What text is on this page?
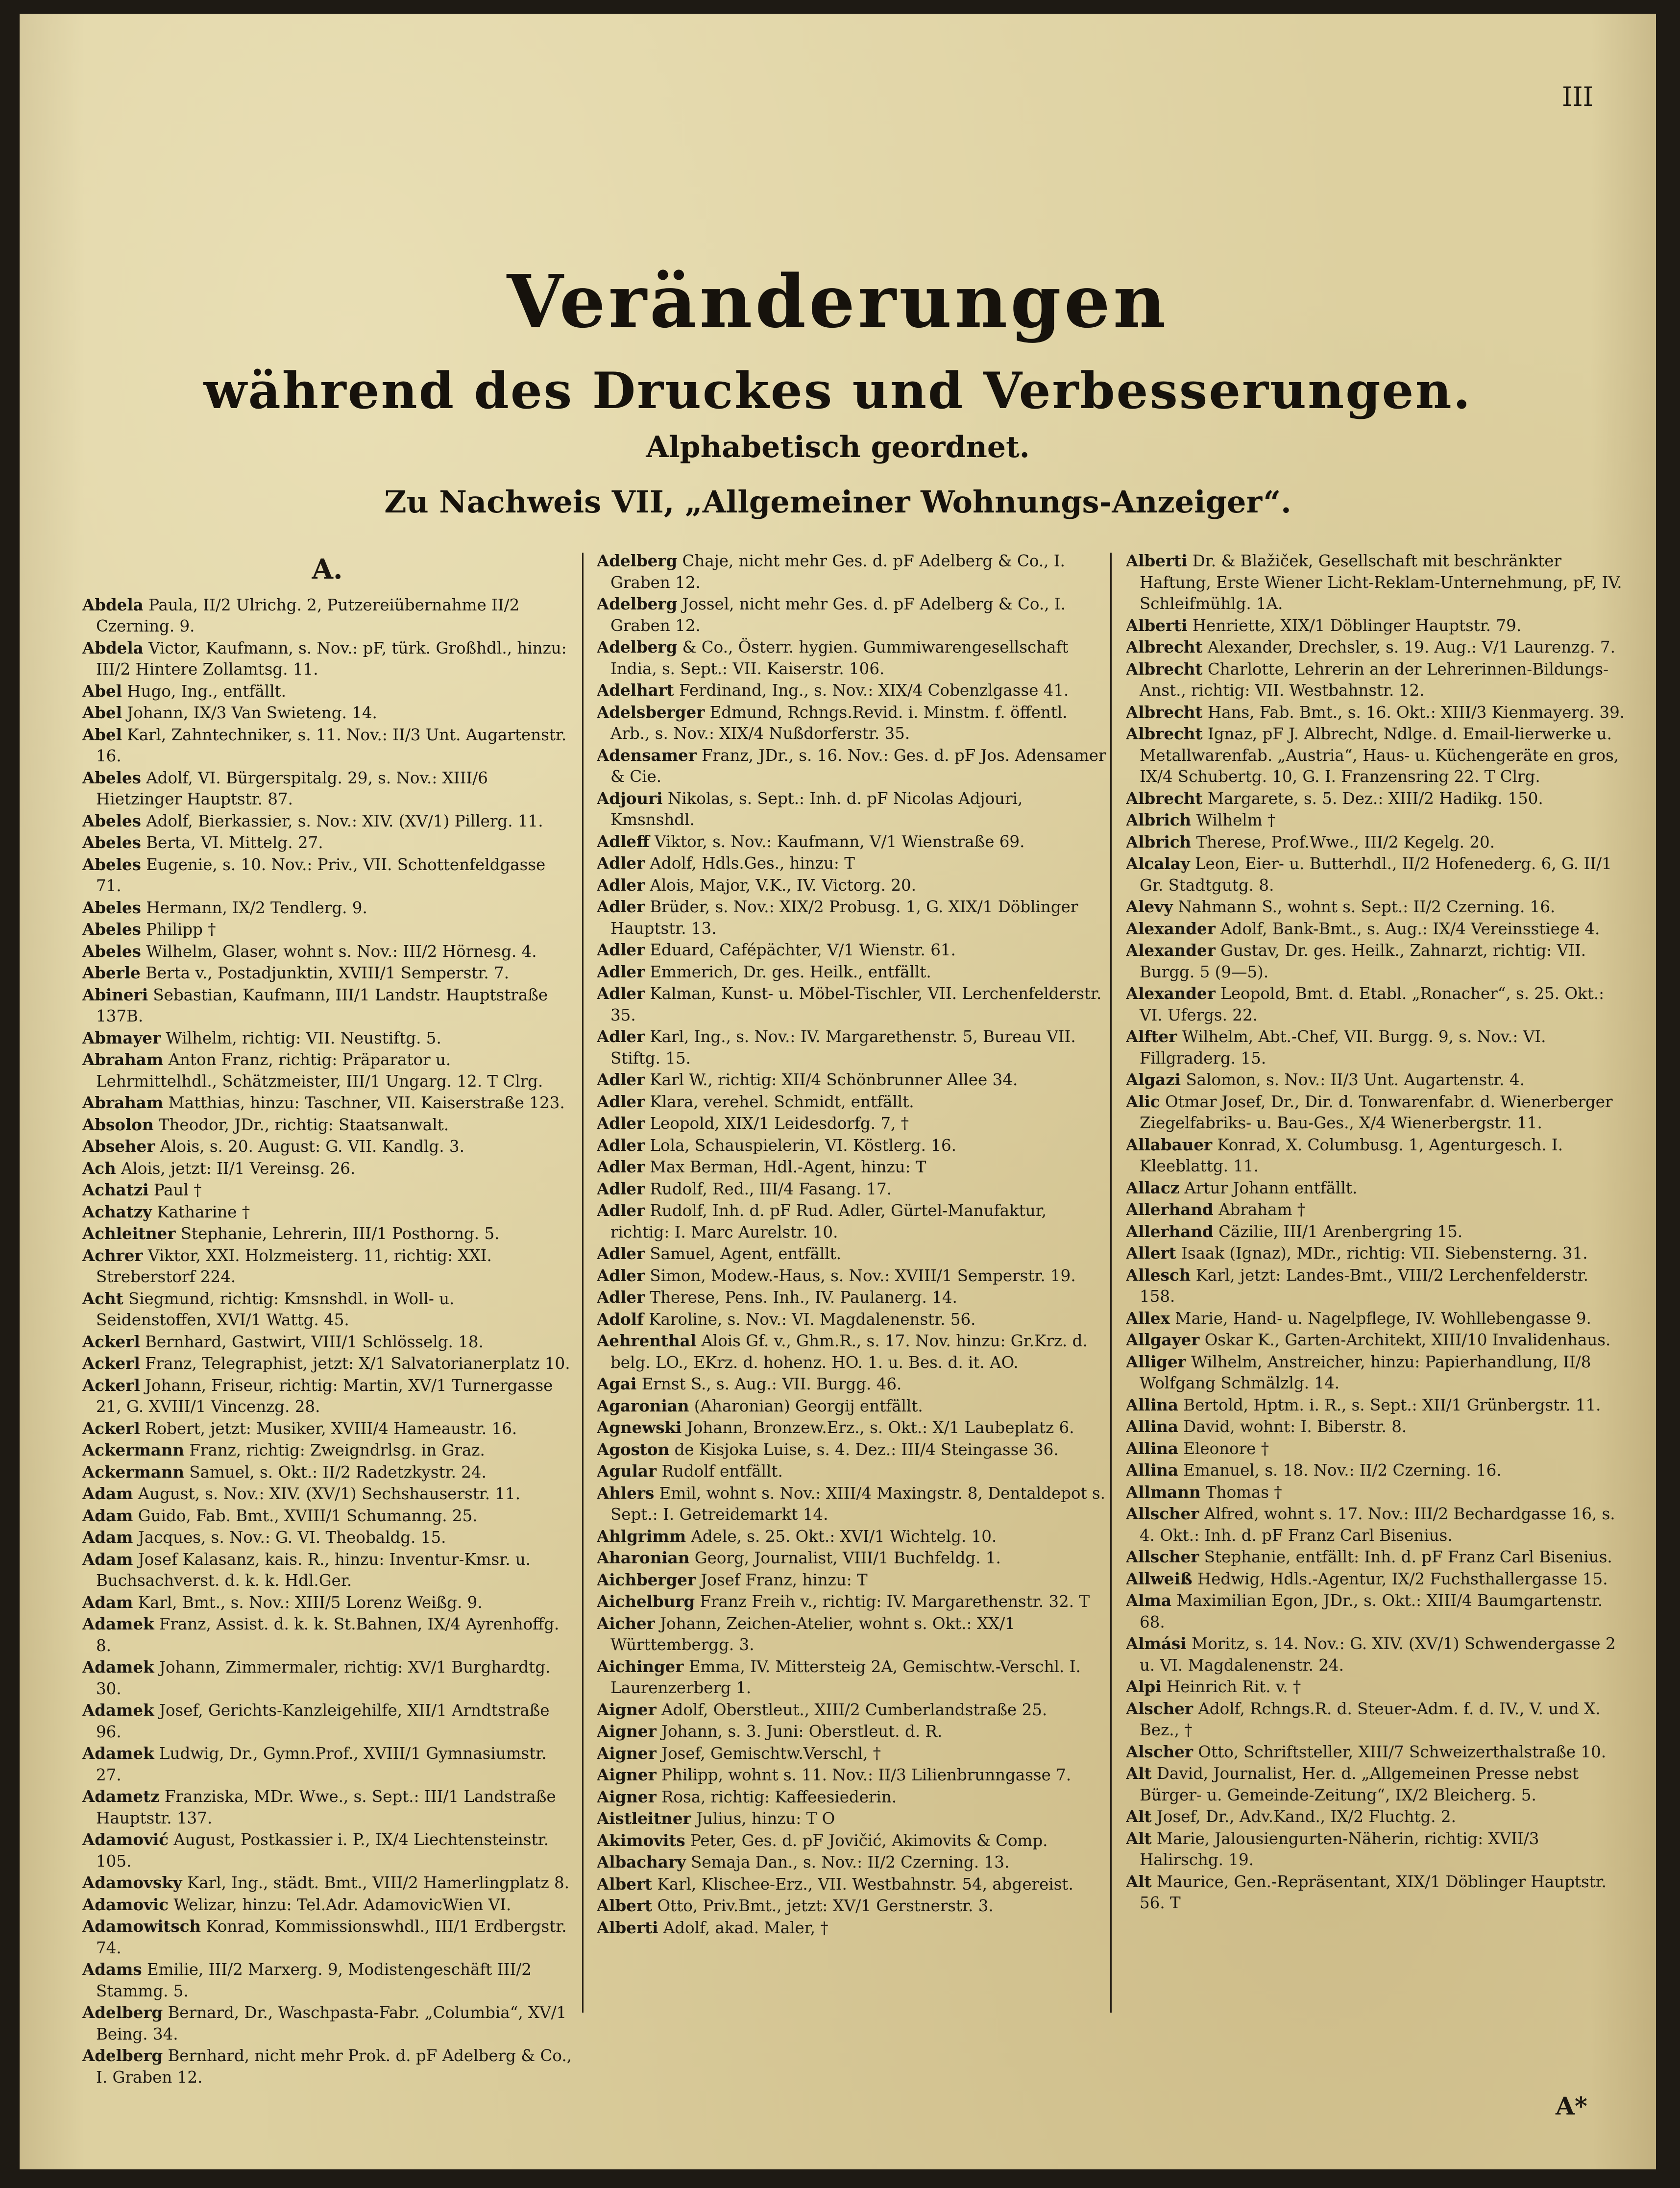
III
Veränderungen
während des Druckes und Verbesserungen.
Alphabetisch geordnet.
Zu Nachweis VII, „Allgemeiner Wohnungs-Anzeiger“.
A.

Abdela Paula, II/2 Ulrichg. 2, Putzereiübernahme II/2 Czerning. 9.

Abdela Victor, Kaufmann, s. Nov.: pF, türk. Großhdl., hinzu: III/2 Hintere Zollamtsg. 11.

Abel Hugo, Ing., entfällt.

Abel Johann, IX/3 Van Swieteng. 14.

Abel Karl, Zahntechniker, s. 11. Nov.: II/3 Unt. Augartenstr. 16.

Abeles Adolf, VI. Bürgerspitalg. 29, s. Nov.: XIII/6 Hietzinger Hauptstr. 87.

Abeles Adolf, Bierkassier, s. Nov.: XIV. (XV/1) Pillerg. 11.

Abeles Berta, VI. Mittelg. 27.

Abeles Eugenie, s. 10. Nov.: Priv., VII. Schottenfeldgasse 71.

Abeles Hermann, IX/2 Tendlerg. 9.

Abeles Philipp †

Abeles Wilhelm, Glaser, wohnt s. Nov.: III/2 Hörnesg. 4.

Aberle Berta v., Postadjunktin, XVIII/1 Semperstr. 7.

Abineri Sebastian, Kaufmann, III/1 Landstr. Hauptstraße 137B.

Abmayer Wilhelm, richtig: VII. Neustiftg. 5.

Abraham Anton Franz, richtig: Präparator u. Lehrmittelhdl., Schätzmeister, III/1 Ungarg. 12. T Clrg.

Abraham Matthias, hinzu: Taschner, VII. Kaiserstraße 123.

Absolon Theodor, JDr., richtig: Staatsanwalt.

Abseher Alois, s. 20. August: G. VII. Kandlg. 3.

Ach Alois, jetzt: II/1 Vereinsg. 26.

Achatzi Paul †

Achatzy Katharine †

Achleitner Stephanie, Lehrerin, III/1 Posthorng. 5.

Achrer Viktor, XXI. Holzmeisterg. 11, richtig: XXI. Streberstorf 224.

Acht Siegmund, richtig: Kmsnshdl. in Woll- u. Seidenstoffen, XVI/1 Wattg. 45.

Ackerl Bernhard, Gastwirt, VIII/1 Schlösselg. 18.

Ackerl Franz, Telegraphist, jetzt: X/1 Salvatorianerplatz 10.

Ackerl Johann, Friseur, richtig: Martin, XV/1 Turnergasse 21, G. XVIII/1 Vincenzg. 28.

Ackerl Robert, jetzt: Musiker, XVIII/4 Hameaustr. 16.

Ackermann Franz, richtig: Zweigndrlsg. in Graz.

Ackermann Samuel, s. Okt.: II/2 Radetzkystr. 24.

Adam August, s. Nov.: XIV. (XV/1) Sechshauserstr. 11.

Adam Guido, Fab. Bmt., XVIII/1 Schumanng. 25.

Adam Jacques, s. Nov.: G. VI. Theobaldg. 15.

Adam Josef Kalasanz, kais. R., hinzu: Inventur-Kmsr. u. Buchsachverst. d. k. k. Hdl.Ger.

Adam Karl, Bmt., s. Nov.: XIII/5 Lorenz Weißg. 9.

Adamek Franz, Assist. d. k. k. St.Bahnen, IX/4 Ayrenhoffg. 8.

Adamek Johann, Zimmermaler, richtig: XV/1 Burghardtg. 30.

Adamek Josef, Gerichts-Kanzleigehilfe, XII/1 Arndtstraße 96.

Adamek Ludwig, Dr., Gymn.Prof., XVIII/1 Gymnasiumstr. 27.

Adametz Franziska, MDr. Wwe., s. Sept.: III/1 Landstraße Hauptstr. 137.

Adamović August, Postkassier i. P., IX/4 Liechtensteinstr. 105.

Adamovsky Karl, Ing., städt. Bmt., VIII/2 Hamerlingplatz 8.

Adamovic Welizar, hinzu: Tel.Adr. AdamovicWien VI.

Adamowitsch Konrad, Kommissionswhdl., III/1 Erdbergstr. 74.

Adams Emilie, III/2 Marxerg. 9, Modistengeschäft III/2 Stammg. 5.

Adelberg Bernard, Dr., Waschpasta-Fabr. „Columbia“, XV/1 Being. 34.

Adelberg Bernhard, nicht mehr Prok. d. pF Adelberg & Co., I. Graben 12.

Adelberg Chaje, nicht mehr Ges. d. pF Adelberg & Co., I. Graben 12.

Adelberg Jossel, nicht mehr Ges. d. pF Adelberg & Co., I. Graben 12.

Adelberg & Co., Österr. hygien. Gummiwarengesellschaft India, s. Sept.: VII. Kaiserstr. 106.

Adelhart Ferdinand, Ing., s. Nov.: XIX/4 Cobenzlgasse 41.

Adelsberger Edmund, Rchngs.Revid. i. Minstm. f. öffentl. Arb., s. Nov.: XIX/4 Nußdorferstr. 35.

Adensamer Franz, JDr., s. 16. Nov.: Ges. d. pF Jos. Adensamer & Cie.

Adjouri Nikolas, s. Sept.: Inh. d. pF Nicolas Adjouri, Kmsnshdl.

Adleff Viktor, s. Nov.: Kaufmann, V/1 Wienstraße 69.

Adler Adolf, Hdls.Ges., hinzu: T

Adler Alois, Major, V.K., IV. Victorg. 20.

Adler Brüder, s. Nov.: XIX/2 Probusg. 1, G. XIX/1 Döblinger Hauptstr. 13.

Adler Eduard, Cafépächter, V/1 Wienstr. 61.

Adler Emmerich, Dr. ges. Heilk., entfällt.

Adler Kalman, Kunst- u. Möbel-Tischler, VII. Lerchenfelderstr. 35.

Adler Karl, Ing., s. Nov.: IV. Margarethenstr. 5, Bureau VII. Stiftg. 15.

Adler Karl W., richtig: XII/4 Schönbrunner Allee 34.

Adler Klara, verehel. Schmidt, entfällt.

Adler Leopold, XIX/1 Leidesdorfg. 7, †

Adler Lola, Schauspielerin, VI. Köstlerg. 16.

Adler Max Berman, Hdl.-Agent, hinzu: T

Adler Rudolf, Red., III/4 Fasang. 17.

Adler Rudolf, Inh. d. pF Rud. Adler, Gürtel-Manufaktur, richtig: I. Marc Aurelstr. 10.

Adler Samuel, Agent, entfällt.

Adler Simon, Modew.-Haus, s. Nov.: XVIII/1 Semperstr. 19.

Adler Therese, Pens. Inh., IV. Paulanerg. 14.

Adolf Karoline, s. Nov.: VI. Magdalenenstr. 56.

Aehrenthal Alois Gf. v., Ghm.R., s. 17. Nov. hinzu: Gr.Krz. d. belg. LO., EKrz. d. hohenz. HO. 1. u. Bes. d. it. AO.

Agai Ernst S., s. Aug.: VII. Burgg. 46.

Agaronian (Aharonian) Georgij entfällt.

Agnewski Johann, Bronzew.Erz., s. Okt.: X/1 Laubeplatz 6.

Agoston de Kisjoka Luise, s. 4. Dez.: III/4 Steingasse 36.

Agular Rudolf entfällt.

Ahlers Emil, wohnt s. Nov.: XIII/4 Maxingstr. 8, Dentaldepot s. Sept.: I. Getreidemarkt 14.

Ahlgrimm Adele, s. 25. Okt.: XVI/1 Wichtelg. 10.

Aharonian Georg, Journalist, VIII/1 Buchfeldg. 1.

Aichberger Josef Franz, hinzu: T

Aichelburg Franz Freih v., richtig: IV. Margarethenstr. 32. T

Aicher Johann, Zeichen-Atelier, wohnt s. Okt.: XX/1 Württembergg. 3.

Aichinger Emma, IV. Mittersteig 2A, Gemischtw.-Verschl. I. Laurenzerberg 1.

Aigner Adolf, Oberstleut., XIII/2 Cumberlandstraße 25.

Aigner Johann, s. 3. Juni: Oberstleut. d. R.

Aigner Josef, Gemischtw.Verschl, †

Aigner Philipp, wohnt s. 11. Nov.: II/3 Lilienbrunngasse 7.

Aigner Rosa, richtig: Kaffeesiederin.

Aistleitner Julius, hinzu: T O

Akimovits Peter, Ges. d. pF Jovičić, Akimovits & Comp.

Albachary Semaja Dan., s. Nov.: II/2 Czerning. 13.

Albert Karl, Klischee-Erz., VII. Westbahnstr. 54, abgereist.

Albert Otto, Priv.Bmt., jetzt: XV/1 Gerstnerstr. 3.

Alberti Adolf, akad. Maler, †

Alberti Dr. & Blažiček, Gesellschaft mit beschränkter Haftung, Erste Wiener Licht-Reklam-Unternehmung, pF, IV. Schleifmühlg. 1A.

Alberti Henriette, XIX/1 Döblinger Hauptstr. 79.

Albrecht Alexander, Drechsler, s. 19. Aug.: V/1 Laurenzg. 7.

Albrecht Charlotte, Lehrerin an der Lehrerinnen-Bildungs-Anst., richtig: VII. Westbahnstr. 12.

Albrecht Hans, Fab. Bmt., s. 16. Okt.: XIII/3 Kienmayerg. 39.

Albrecht Ignaz, pF J. Albrecht, Ndlge. d. Email-lierwerke u. Metallwarenfab. „Austria“, Haus- u. Küchengeräte en gros, IX/4 Schubertg. 10, G. I. Franzensring 22. T Clrg.

Albrecht Margarete, s. 5. Dez.: XIII/2 Hadikg. 150.

Albrich Wilhelm †

Albrich Therese, Prof.Wwe., III/2 Kegelg. 20.

Alcalay Leon, Eier- u. Butterhdl., II/2 Hofenederg. 6, G. II/1 Gr. Stadtgutg. 8.

Alevy Nahmann S., wohnt s. Sept.: II/2 Czerning. 16.

Alexander Adolf, Bank-Bmt., s. Aug.: IX/4 Vereinsstiege 4.

Alexander Gustav, Dr. ges. Heilk., Zahnarzt, richtig: VII. Burgg. 5 (9—5).

Alexander Leopold, Bmt. d. Etabl. „Ronacher“, s. 25. Okt.: VI. Ufergs. 22.

Alfter Wilhelm, Abt.-Chef, VII. Burgg. 9, s. Nov.: VI. Fillgraderg. 15.

Algazi Salomon, s. Nov.: II/3 Unt. Augartenstr. 4.

Alic Otmar Josef, Dr., Dir. d. Tonwarenfabr. d. Wienerberger Ziegelfabriks- u. Bau-Ges., X/4 Wienerbergstr. 11.

Allabauer Konrad, X. Columbusg. 1, Agenturgesch. I. Kleeblattg. 11.

Allacz Artur Johann entfällt.

Allerhand Abraham †

Allerhand Cäzilie, III/1 Arenbergring 15.

Allert Isaak (Ignaz), MDr., richtig: VII. Siebensterng. 31.

Allesch Karl, jetzt: Landes-Bmt., VIII/2 Lerchenfelderstr. 158.

Allex Marie, Hand- u. Nagelpflege, IV. Wohllebengasse 9.

Allgayer Oskar K., Garten-Architekt, XIII/10 Invalidenhaus.

Alliger Wilhelm, Anstreicher, hinzu: Papierhandlung, II/8 Wolfgang Schmälzlg. 14.

Allina Bertold, Hptm. i. R., s. Sept.: XII/1 Grünbergstr. 11.

Allina David, wohnt: I. Biberstr. 8.

Allina Eleonore †

Allina Emanuel, s. 18. Nov.: II/2 Czerning. 16.

Allmann Thomas †

Allscher Alfred, wohnt s. 17. Nov.: III/2 Bechardgasse 16, s. 4. Okt.: Inh. d. pF Franz Carl Bisenius.

Allscher Stephanie, entfällt: Inh. d. pF Franz Carl Bisenius.

Allweiß Hedwig, Hdls.-Agentur, IX/2 Fuchsthallergasse 15.

Alma Maximilian Egon, JDr., s. Okt.: XIII/4 Baumgartenstr. 68.

Almási Moritz, s. 14. Nov.: G. XIV. (XV/1) Schwendergasse 2 u. VI. Magdalenenstr. 24.

Alpi Heinrich Rit. v. †

Alscher Adolf, Rchngs.R. d. Steuer-Adm. f. d. IV., V. und X. Bez., †

Alscher Otto, Schriftsteller, XIII/7 Schweizerthalstraße 10.

Alt David, Journalist, Her. d. „Allgemeinen Presse nebst Bürger- u. Gemeinde-Zeitung“, IX/2 Bleicherg. 5.

Alt Josef, Dr., Adv.Kand., IX/2 Fluchtg. 2.

Alt Marie, Jalousiengurten-Näherin, richtig: XVII/3 Halirschg. 19.

Alt Maurice, Gen.-Repräsentant, XIX/1 Döblinger Hauptstr. 56. T

A*
